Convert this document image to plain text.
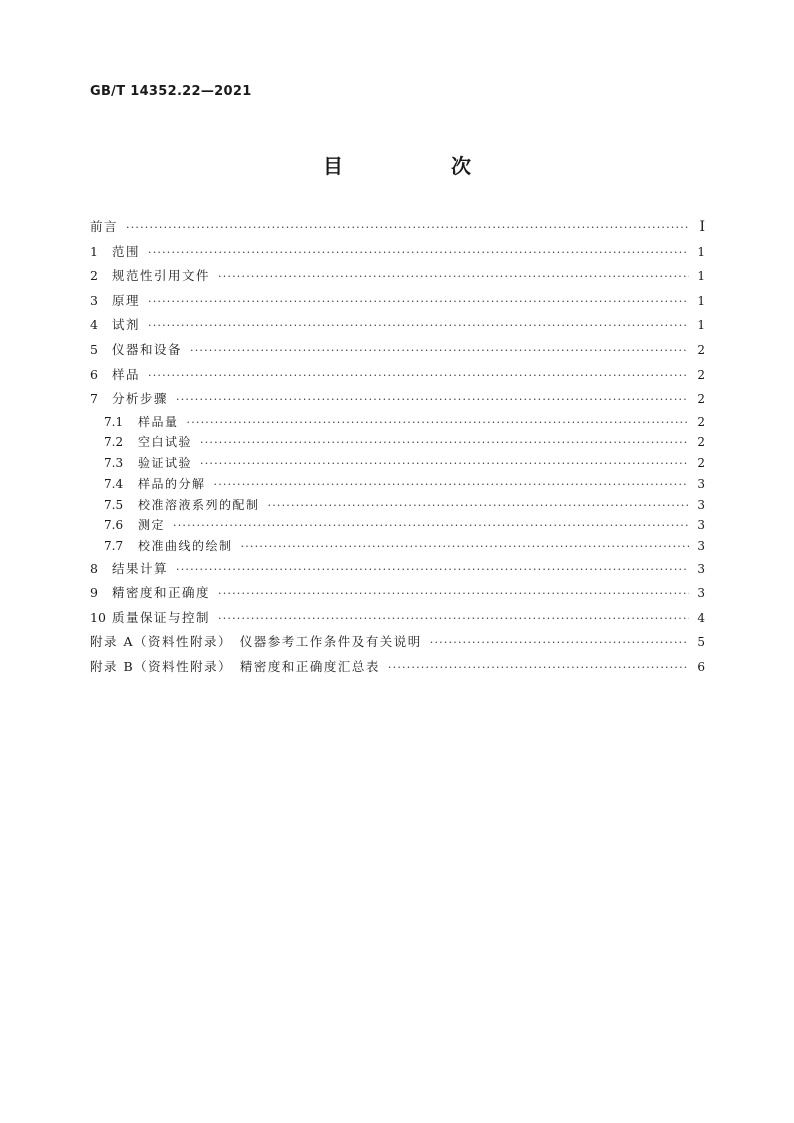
GB/T 14352.22—2021
目　次
前言 ·····	Ⅰ
1	范围 ·····	1
2	规范性引用文件 ·····	1
3	原理 ·····	1
4	试剂 ·····	1
5	仪器和设备 ·····	2
6	样品 ·····	2
7	分析步骤 ·····	2
7.1	样品量 ·····	2
7.2	空白试验 ·····	2
7.3	验证试验 ·····	2
7.4	样品的分解 ·····	3
7.5	校准溶液系列的配制 ·····	3
7.6	测定 ·····	3
7.7	校准曲线的绘制 ·····	3
8	结果计算 ·····	3
9	精密度和正确度 ·····	3
10 质量保证与控制 ·····	4
附录 A（资料性附录）　仪器参考工作条件及有关说明 ·····	5
附录 B（资料性附录）　精密度和正确度汇总表 ·····	6
